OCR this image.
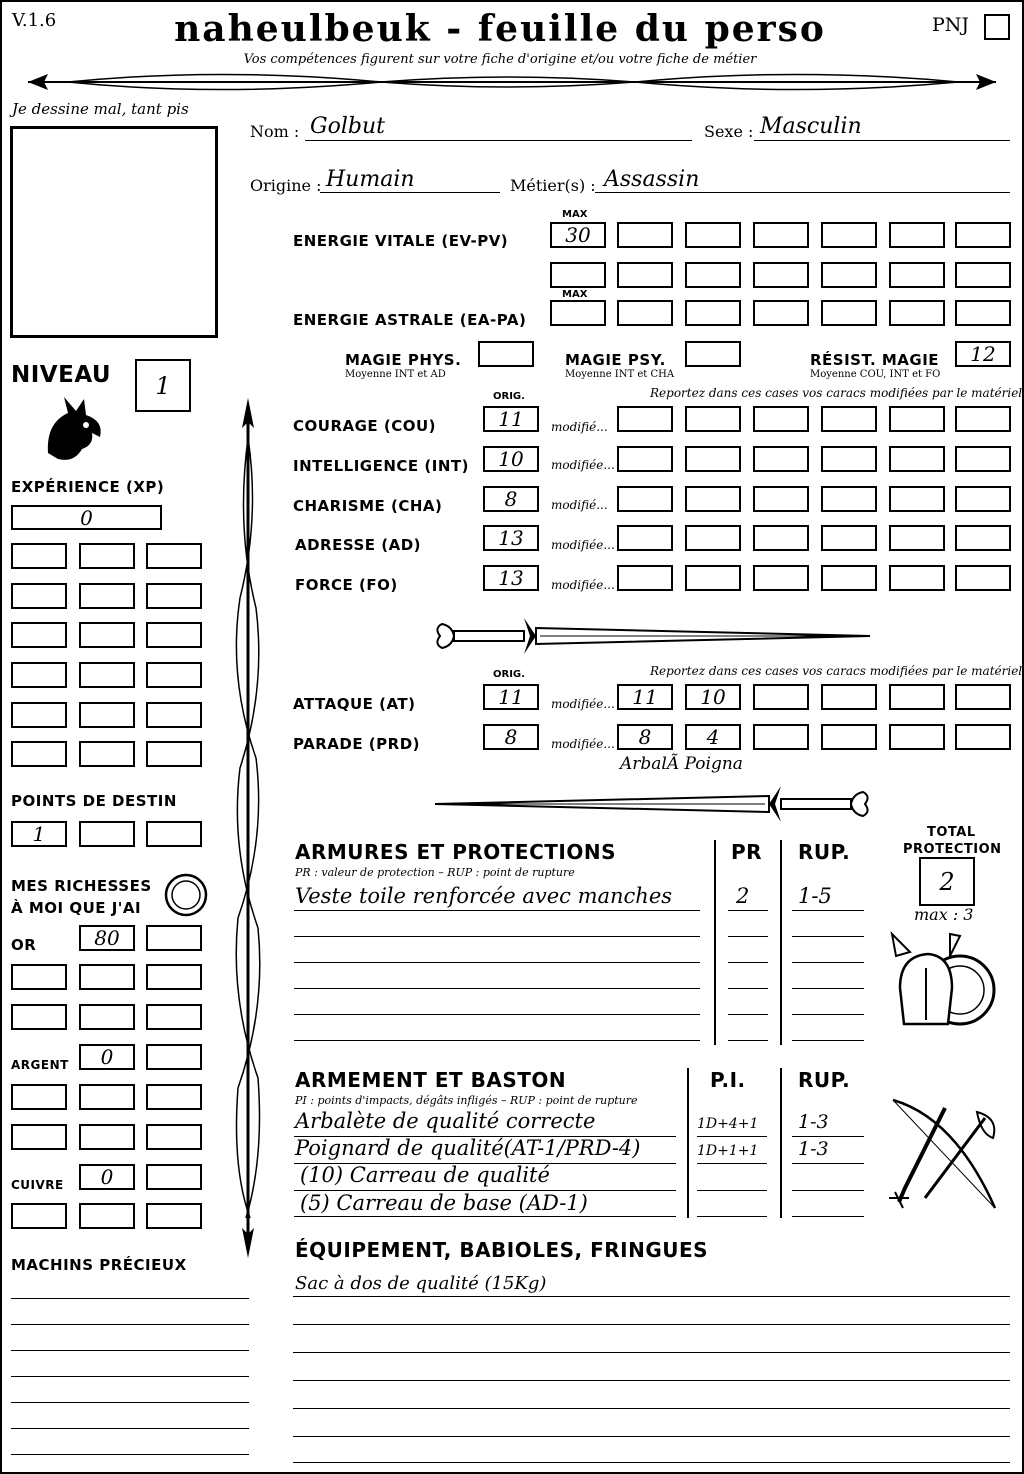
V.1.6	naheulbeuk - feuille du perso
Vos compétences figurent sur votre fiche d'origine et/ou votre fiche de métier
PNJ
Je dessine mal, tant pis
Nom : Golbut	Sexe : Masculin
Origine : Humain	Métier(s) : Assassin
MAX
ENERGIE VITALE (EV-PV)	30
MAX
ENERGIE ASTRALE (EA-PA)
MAGIE PHYS.
Moyenne INT et AD
MAGIE PSY.
Moyenne INT et CHA
RÉSIST. MAGIE
Moyenne COU, INT et FO
12
ORIG.	Reportez dans ces cases vos caracs modifiées par le matériel
COURAGE (COU)	11	modifié...
INTELLIGENCE (INT)	10	modifiée...
CHARISME (CHA)	8	modifié...
ADRESSE (AD)	13	modifiée...
FORCE (FO)	13	modifiée...
ORIG.	Reportez dans ces cases vos caracs modifiées par le matériel
ATTAQUE (AT)	11	modifiée... 11	10
PARADE (PRD)	8	modifiée...	8	4
ArbalÃ Poigna
NIVEAU	1
EXPÉRIENCE (XP)
0
POINTS DE DESTIN
1
MES RICHESSES
À MOI QUE J'AI
OR	80
ARGENT	0
CUIVRE	0
MACHINS PRÉCIEUX
ARMURES ET PROTECTIONS
PR : valeur de protection – RUP : point de rupture
PR RUP.
Veste toile renforcée avec manches	2 1-5
TOTAL
PROTECTION
2
max : 3
ARMEMENT ET BASTON
PI : points d'impacts, dégâts infligés – RUP : point de rupture
P.I.	RUP.
Arbalète de qualité correcte	1D+4+1 1-3
Poignard de qualité(AT-1/PRD-4)	1D+1+1 1-3
(10) Carreau de qualité
(5) Carreau de base (AD-1)
ÉQUIPEMENT, BABIOLES, FRINGUES
Sac à dos de qualité (15Kg)
